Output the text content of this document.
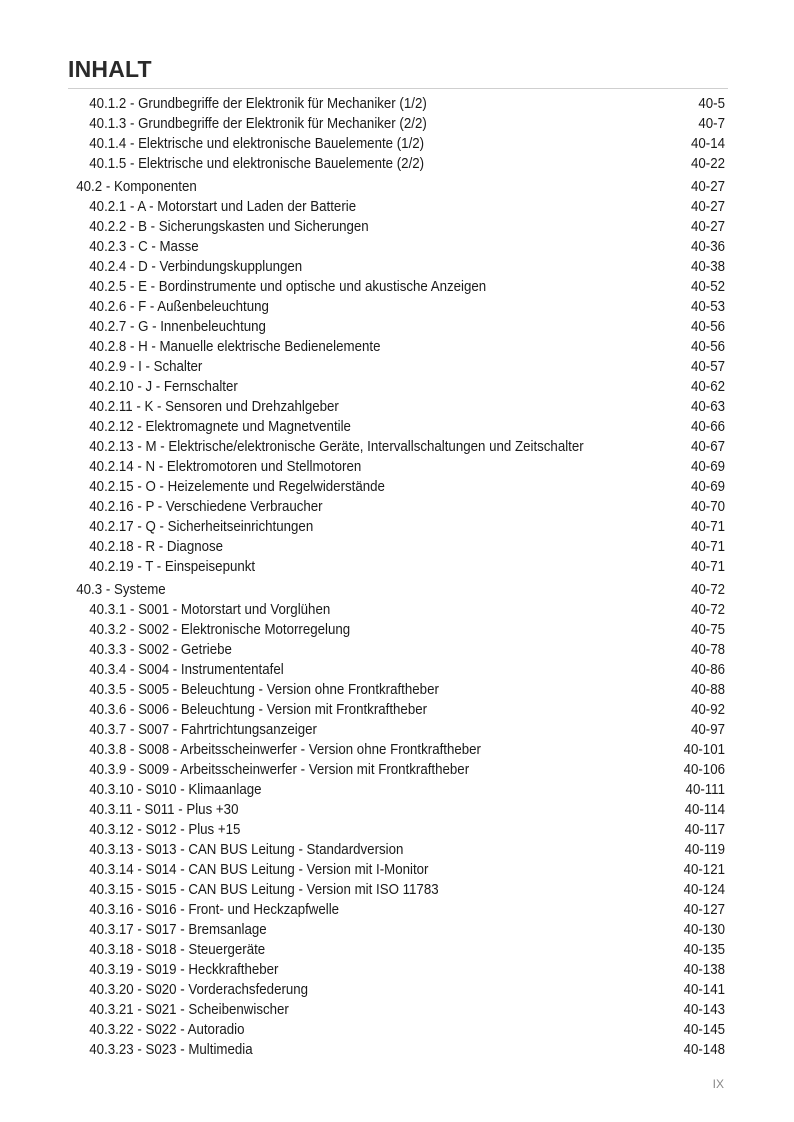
INHALT
40.1.2 - Grundbegriffe der Elektronik für Mechaniker (1/2)	40-5
40.1.3 - Grundbegriffe der Elektronik für Mechaniker (2/2)	40-7
40.1.4 - Elektrische und elektronische Bauelemente (1/2)	40-14
40.1.5 - Elektrische und elektronische Bauelemente (2/2)	40-22
40.2 - Komponenten	40-27
40.2.1 - A - Motorstart und Laden der Batterie	40-27
40.2.2 - B - Sicherungskasten und Sicherungen	40-27
40.2.3 - C - Masse	40-36
40.2.4 - D - Verbindungskupplungen	40-38
40.2.5 - E - Bordinstrumente und optische und akustische Anzeigen	40-52
40.2.6 - F - Außenbeleuchtung	40-53
40.2.7 - G - Innenbeleuchtung	40-56
40.2.8 - H - Manuelle elektrische Bedienelemente	40-56
40.2.9 - I - Schalter	40-57
40.2.10 - J - Fernschalter	40-62
40.2.11 - K - Sensoren und Drehzahlgeber	40-63
40.2.12 - Elektromagnete und Magnetventile	40-66
40.2.13 - M - Elektrische/elektronische Geräte, Intervallschaltungen und Zeitschalter	40-67
40.2.14 - N - Elektromotoren und Stellmotoren	40-69
40.2.15 - O - Heizelemente und Regelwiderstände	40-69
40.2.16 - P - Verschiedene Verbraucher	40-70
40.2.17 - Q - Sicherheitseinrichtungen	40-71
40.2.18 - R - Diagnose	40-71
40.2.19 - T - Einspeisepunkt	40-71
40.3 - Systeme	40-72
40.3.1 - S001 - Motorstart und Vorglühen	40-72
40.3.2 - S002 - Elektronische Motorregelung	40-75
40.3.3 - S002 - Getriebe	40-78
40.3.4 - S004 - Instrumententafel	40-86
40.3.5 - S005 - Beleuchtung - Version ohne Frontkraftheber	40-88
40.3.6 - S006 - Beleuchtung - Version mit Frontkraftheber	40-92
40.3.7 - S007 - Fahrtrichtungsanzeiger	40-97
40.3.8 - S008 - Arbeitsscheinwerfer - Version ohne Frontkraftheber	40-101
40.3.9 - S009 - Arbeitsscheinwerfer - Version mit Frontkraftheber	40-106
40.3.10 - S010 - Klimaanlage	40-111
40.3.11 - S011 - Plus +30	40-114
40.3.12 - S012 - Plus +15	40-117
40.3.13 - S013 - CAN BUS Leitung - Standardversion	40-119
40.3.14 - S014 - CAN BUS Leitung - Version mit I-Monitor	40-121
40.3.15 - S015 - CAN BUS Leitung - Version mit ISO 11783	40-124
40.3.16 - S016 - Front- und Heckzapfwelle	40-127
40.3.17 - S017 - Bremsanlage	40-130
40.3.18 - S018 - Steuergeräte	40-135
40.3.19 - S019 - Heckkraftheber	40-138
40.3.20 - S020 - Vorderachsfederung	40-141
40.3.21 - S021 - Scheibenwischer	40-143
40.3.22 - S022 - Autoradio	40-145
40.3.23 - S023 - Multimedia	40-148
IX
